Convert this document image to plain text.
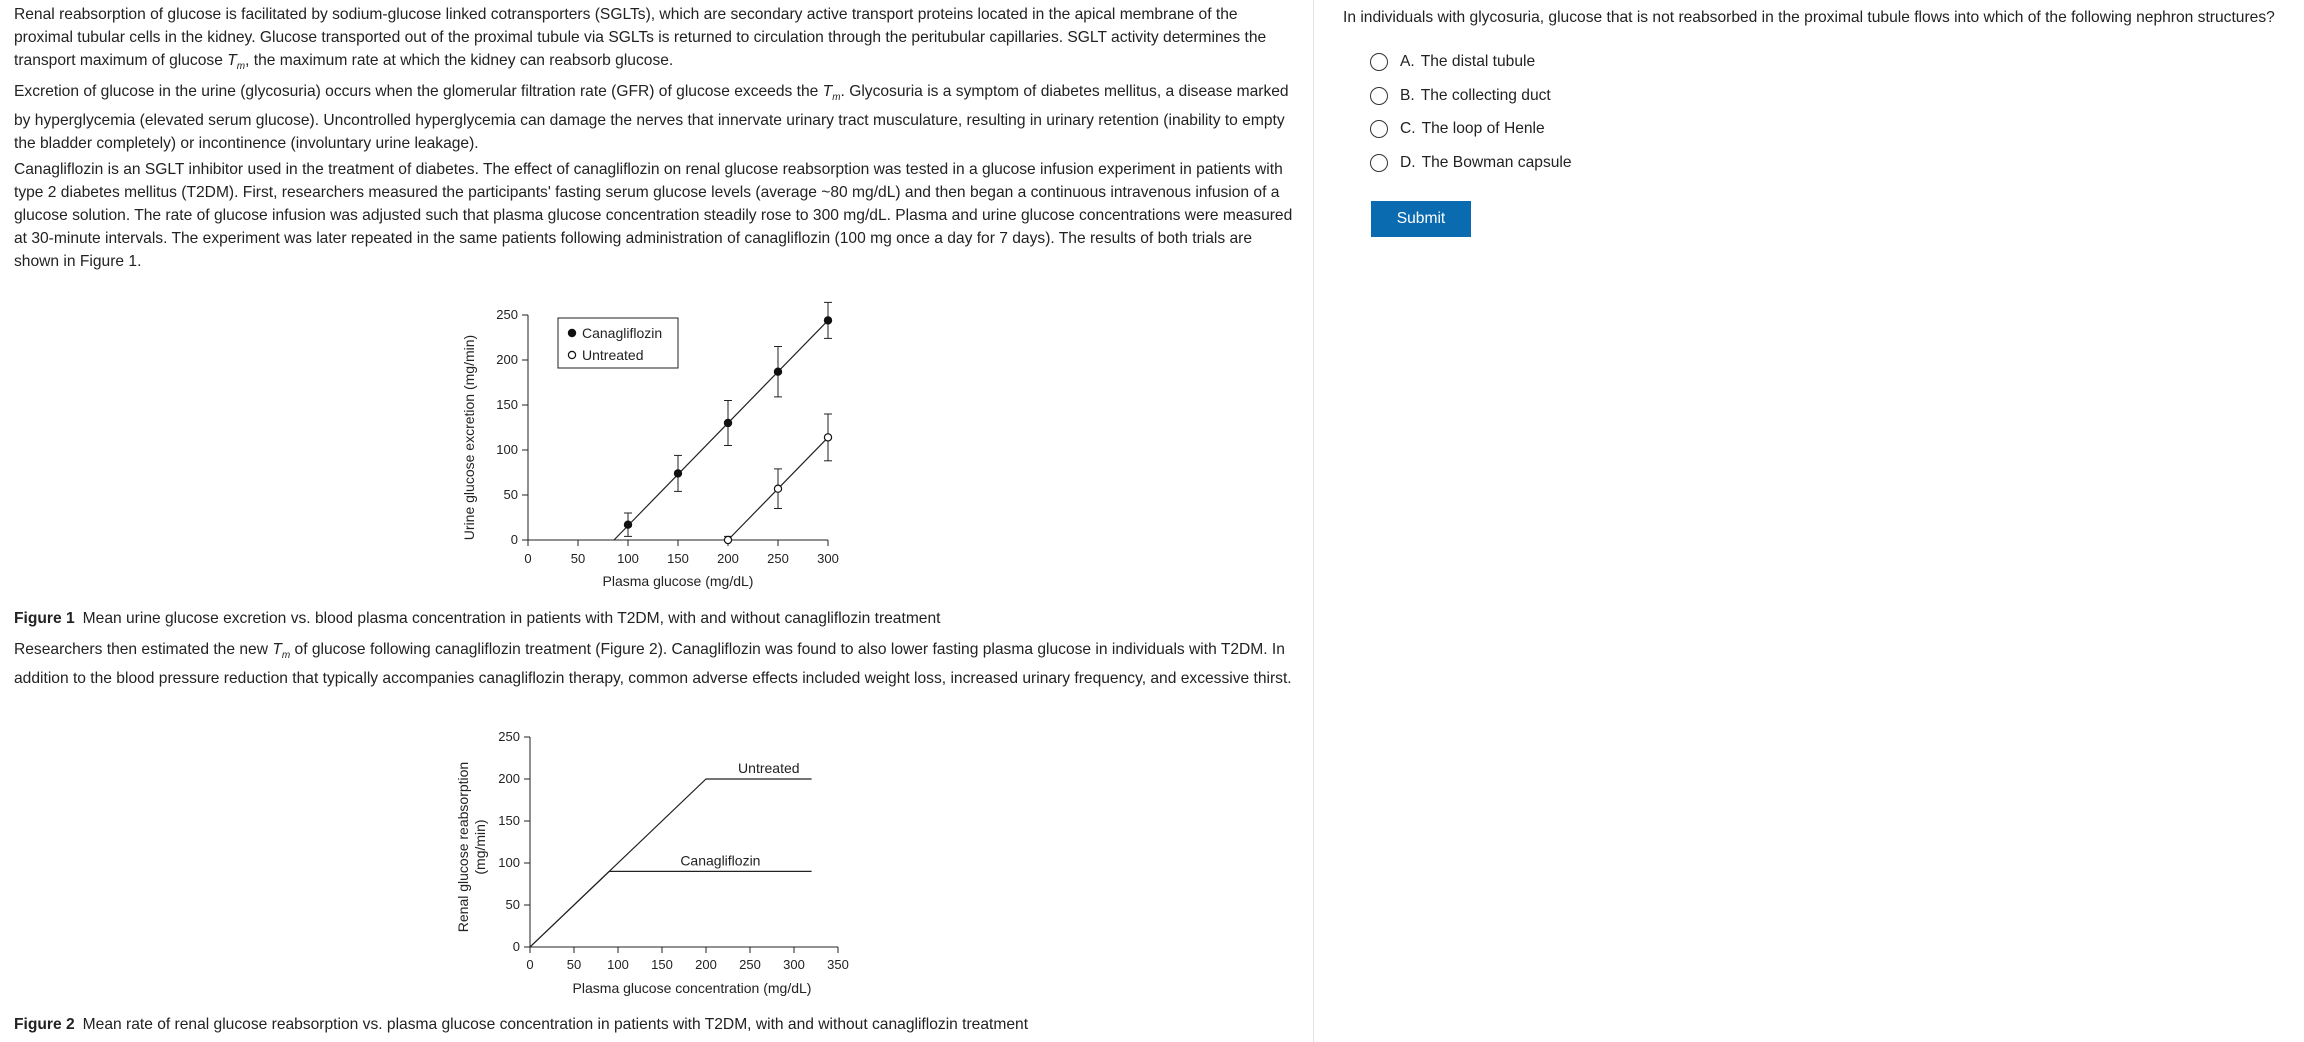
Renal reabsorption of glucose is facilitated by sodium-glucose linked cotransporters (SGLTs), which are secondary active transport proteins located in the apical membrane of the proximal tubular cells in the kidney. Glucose transported out of the proximal tubule via SGLTs is returned to circulation through the peritubular capillaries. SGLT activity determines the transport maximum of glucose $T_m$, the maximum rate at which the kidney can reabsorb glucose.

Excretion of glucose in the urine (glycosuria) occurs when the glomerular filtration rate (GFR) of glucose exceeds the $T_m$. Glycosuria is a symptom of diabetes mellitus, a disease marked by hyperglycemia (elevated serum glucose). Uncontrolled hyperglycemia can damage the nerves that innervate urinary tract musculature, resulting in urinary retention (inability to empty the bladder completely) or incontinence (involuntary urine leakage).

Canagliflozin is an SGLT inhibitor used in the treatment of diabetes. The effect of canagliflozin on renal glucose reabsorption was tested in a glucose infusion experiment in patients with type 2 diabetes mellitus (T2DM). First, researchers measured the participants' fasting serum glucose levels (average ~80 mg/dL) and then began a continuous intravenous infusion of a glucose solution. The rate of glucose infusion was adjusted such that plasma glucose concentration steadily rose to 300 mg/dL. Plasma and urine glucose concentrations were measured at 30-minute intervals. The experiment was later repeated in the same patients following administration of canagliflozin (100 mg once a day for 7 days). The results of both trials are shown in Figure 1.

0	50 100 150 200 250 300
0
50
100
150
200
250
Plasma glucose (mg/dL)
Urine glucose excretion (mg/min)
Canagliflozin
Untreated

Figure 1 Mean urine glucose excretion vs. blood plasma concentration in patients with T2DM, with and without canagliflozin treatment

Researchers then estimated the new $T_m$ of glucose following canagliflozin treatment (Figure 2). Canagliflozin was found to also lower fasting plasma glucose in individuals with T2DM. In addition to the blood pressure reduction that typically accompanies canagliflozin therapy, common adverse effects included weight loss, increased urinary frequency, and excessive thirst.

0	50 100 150 200 250 300 350
0
50
100
150
200
250
Plasma glucose concentration (mg/dL)
Renal glucose reabsorption (mg/min)
Untreated
Canagliflozin

Figure 2 Mean rate of renal glucose reabsorption vs. plasma glucose concentration in patients with T2DM, with and without canagliflozin treatment

In individuals with glycosuria, glucose that is not reabsorbed in the proximal tubule flows into which of the following nephron structures?

A. The distal tubule
B. The collecting duct
C. The loop of Henle
D. The Bowman capsule
Submit
